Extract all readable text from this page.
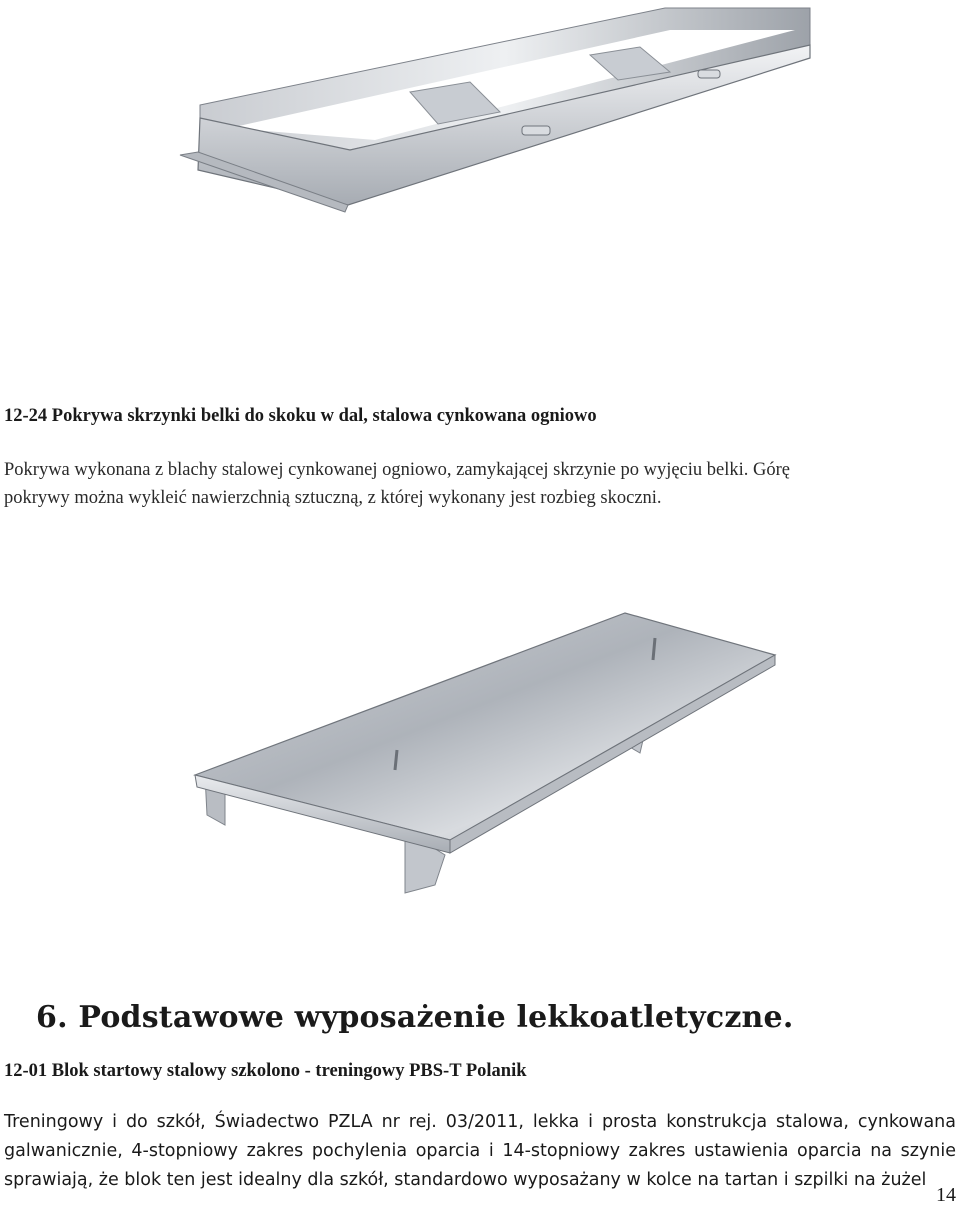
12-24 Pokrywa skrzynki belki do skoku w dal, stalowa cynkowana ogniowo
Pokrywa wykonana z blachy stalowej cynkowanej ogniowo, zamykającej skrzynie po wyjęciu belki. Górę
pokrywy można wykleić nawierzchnią sztuczną, z której wykonany jest rozbieg skoczni.
6. Podstawowe wyposażenie lekkoatletyczne.
12-01 Blok startowy stalowy szkolono - treningowy PBS-T Polanik
Treningowy i do szkół, Świadectwo PZLA nr rej. 03/2011, lekka i prosta konstrukcja stalowa, cynkowana
galwanicznie, 4-stopniowy zakres pochylenia oparcia i 14-stopniowy zakres ustawienia oparcia na szynie
sprawiają, że blok ten jest idealny dla szkół, standardowo wyposażany w kolce na tartan i szpilki na żużel
14
